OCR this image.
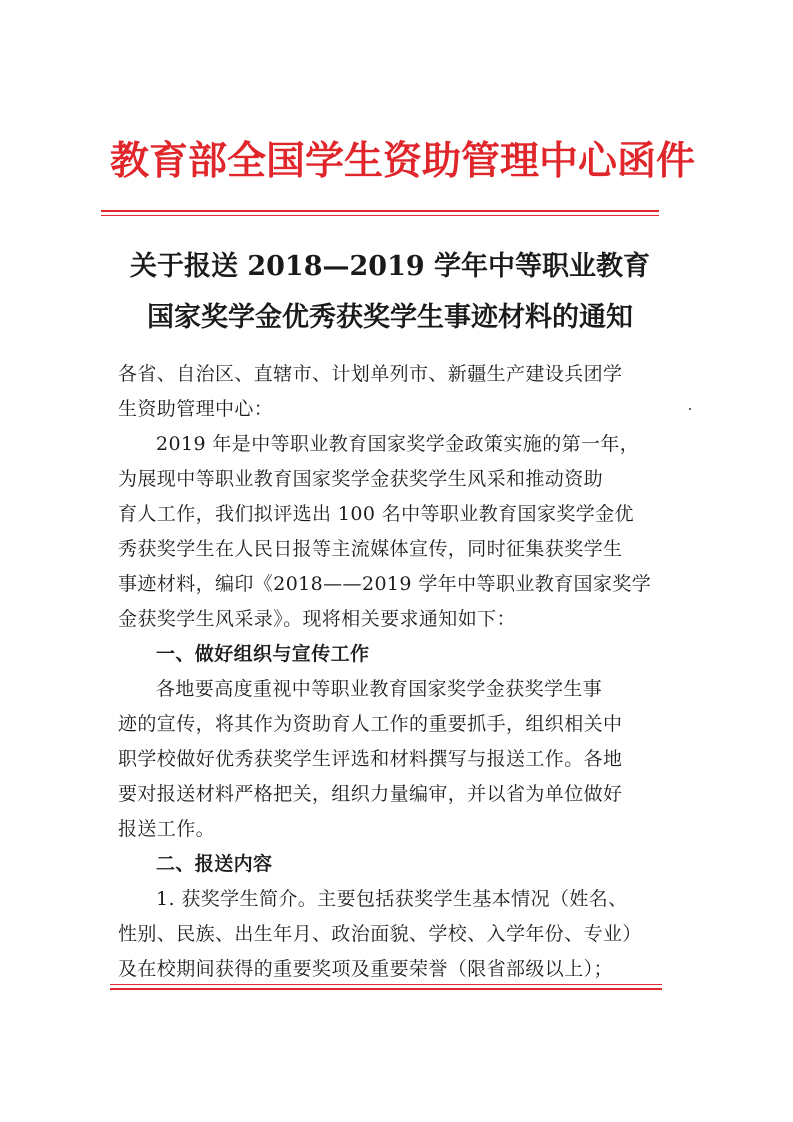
教育部全国学生资助管理中心函件
关于报送 2018—2019 学年中等职业教育
国家奖学金优秀获奖学生事迹材料的通知
各省、自治区、直辖市、计划单列市、新疆生产建设兵团学
生资助管理中心：
2019 年是中等职业教育国家奖学金政策实施的第一年，
为展现中等职业教育国家奖学金获奖学生风采和推动资助
育人工作，我们拟评选出 100 名中等职业教育国家奖学金优
秀获奖学生在人民日报等主流媒体宣传，同时征集获奖学生
事迹材料，编印《2018——2019 学年中等职业教育国家奖学
金获奖学生风采录》。现将相关要求通知如下：
一、做好组织与宣传工作
各地要高度重视中等职业教育国家奖学金获奖学生事
迹的宣传，将其作为资助育人工作的重要抓手，组织相关中
职学校做好优秀获奖学生评选和材料撰写与报送工作。各地
要对报送材料严格把关，组织力量编审，并以省为单位做好
报送工作。
二、报送内容
1. 获奖学生简介。主要包括获奖学生基本情况（姓名、
性别、民族、出生年月、政治面貌、学校、入学年份、专业）
及在校期间获得的重要奖项及重要荣誉（限省部级以上）；
